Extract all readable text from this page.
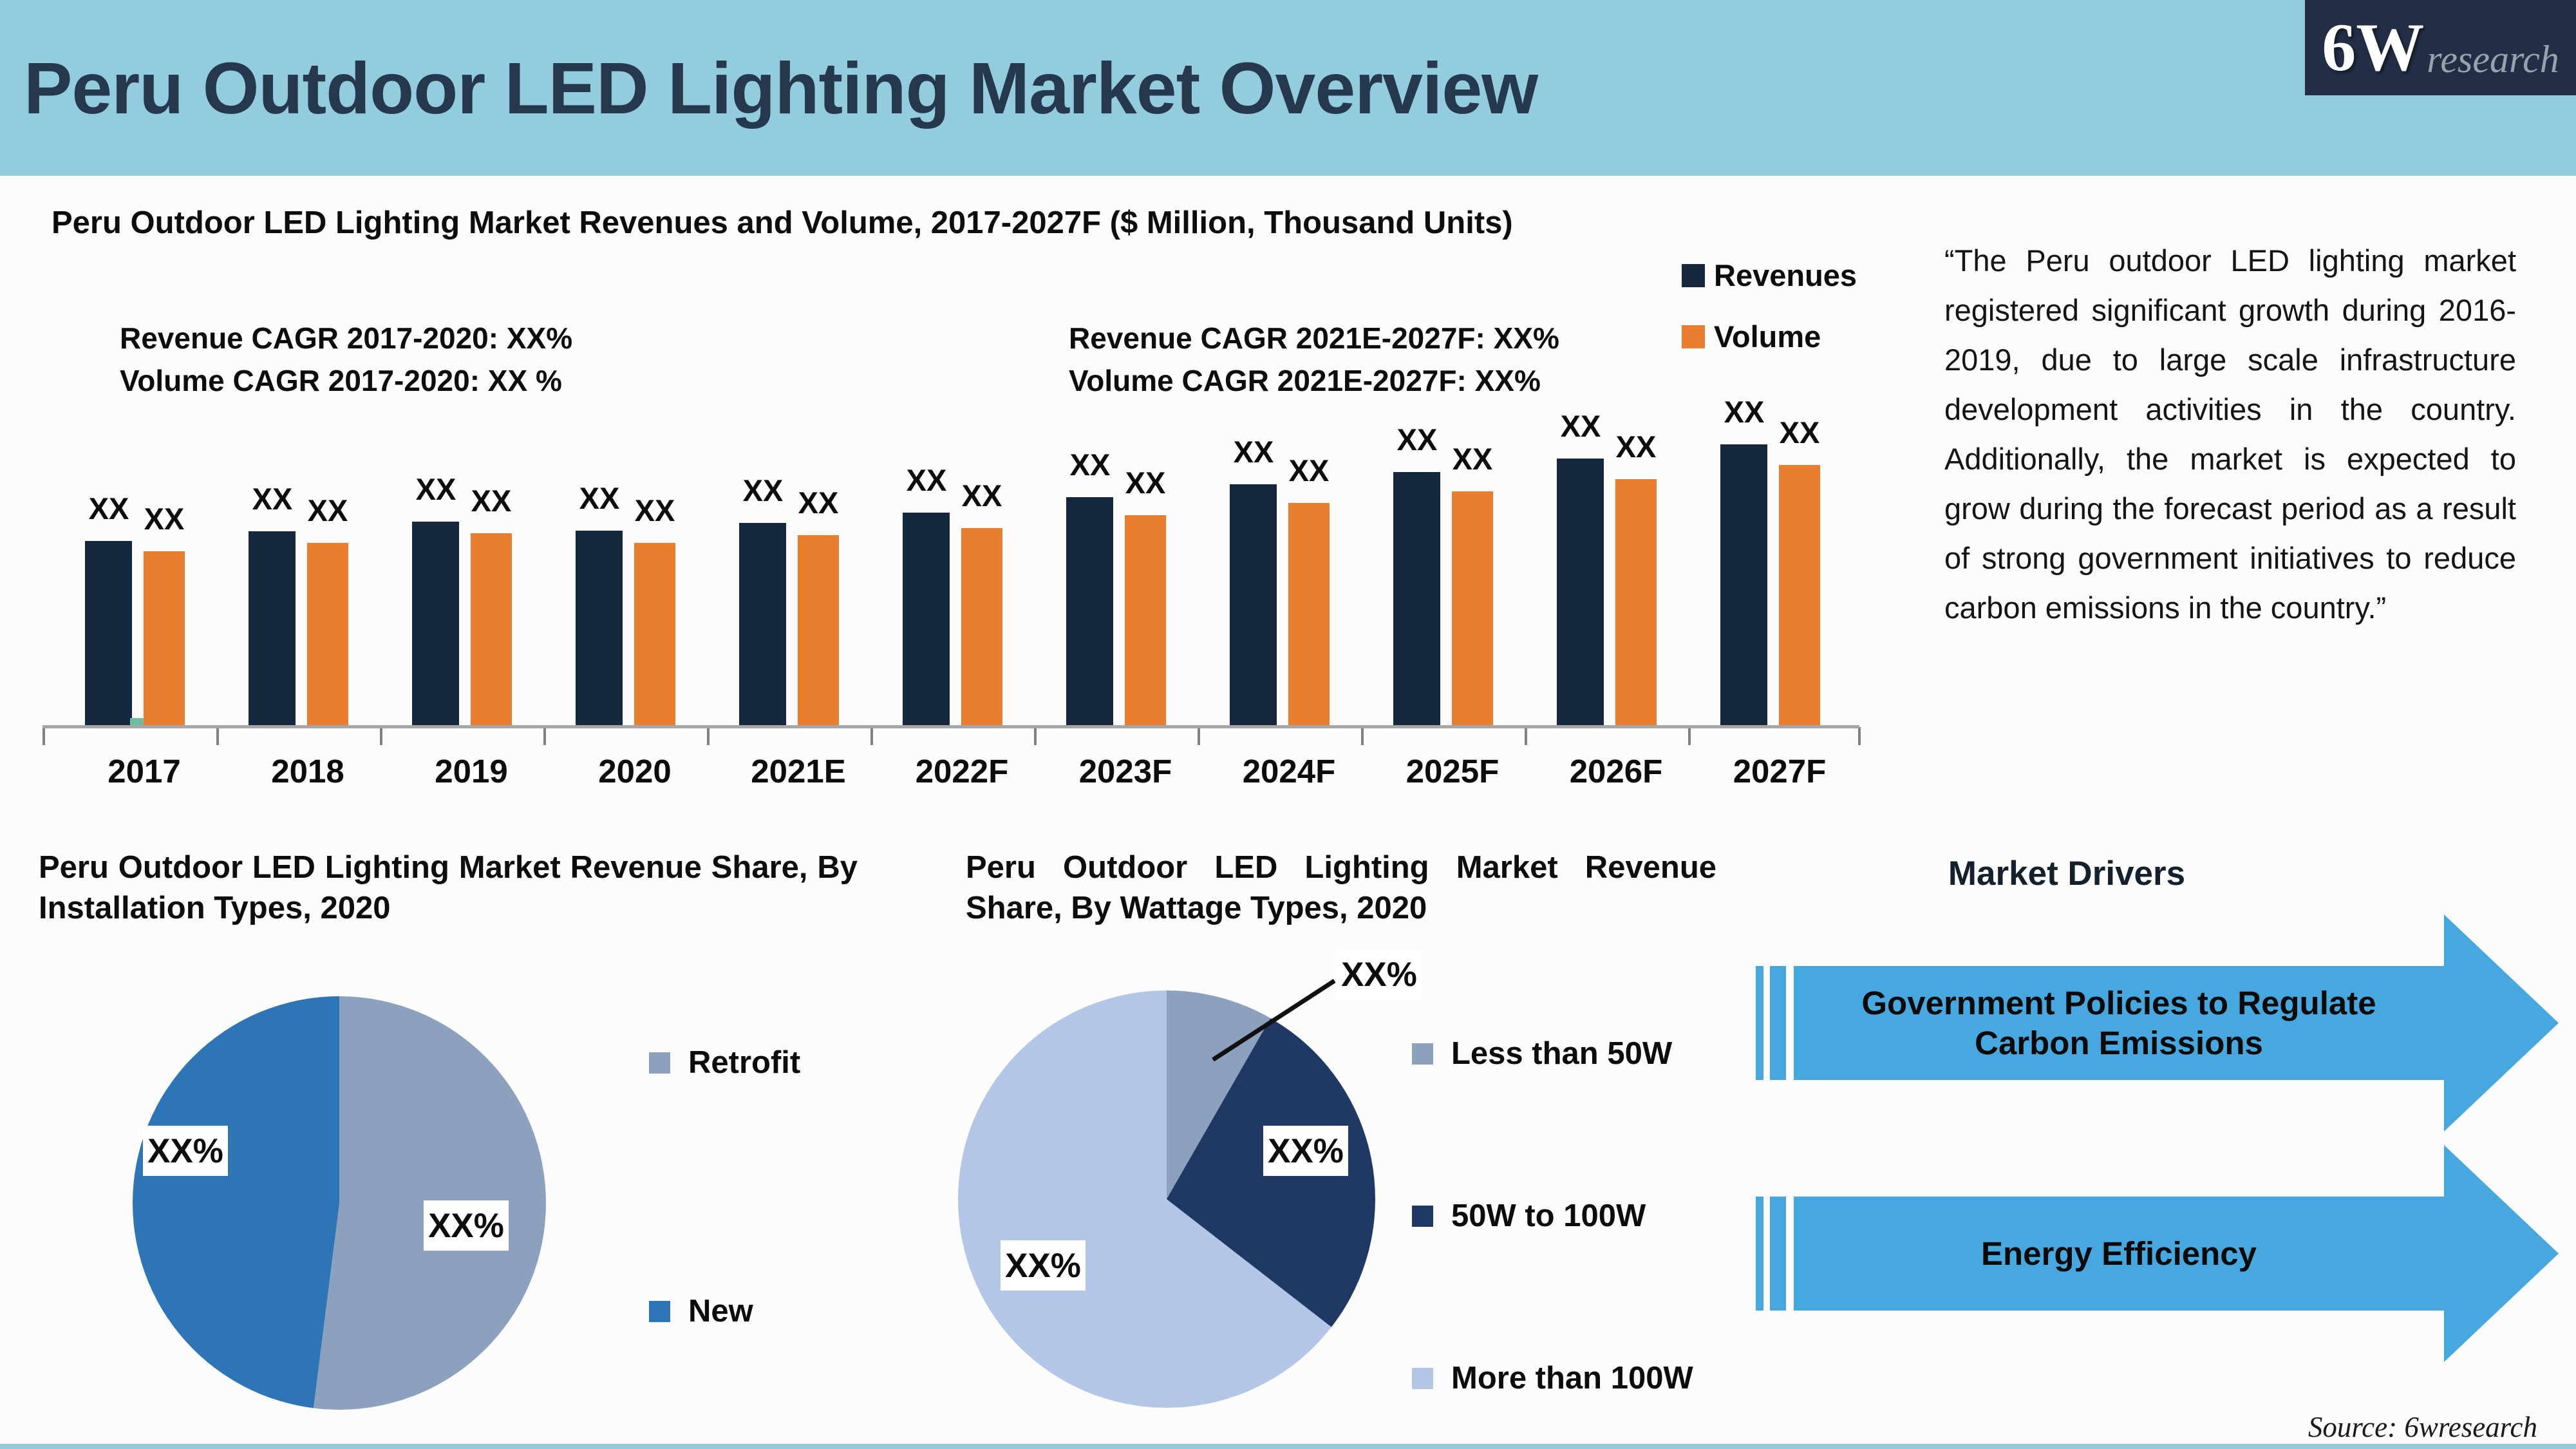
Peru Outdoor LED Lighting Market Overview	6W research
Peru Outdoor LED Lighting Market Revenues and Volume, 2017-2027F ($ Million, Thousand Units)
Revenue CAGR 2017-2020: XX%
Volume CAGR 2017-2020: XX %
Revenue CAGR 2021E-2027F: XX%
Volume CAGR 2021E-2027F: XX%
Revenues
Volume
XX XX
2017
XX XX
2018
XX XX
2019
XX XX
2020
XX XX
2021E
XX XX
2022F
XX
XX
2023F
XX
XX
2024F
XX
XX
2025F
XX
XX
2026F
XX
XX
2027F
“The Peru outdoor LED lighting market registered significant growth during 2016-2019, due to large scale infrastructure development activities in the country. Additionally, the market is expected to grow during the forecast period as a result of strong government initiatives to reduce carbon emissions in the country.”
Peru Outdoor LED Lighting Market Revenue Share, By Installation Types, 2020
Retrofit
New
Peru Outdoor LED Lighting Market Revenue Share, By Wattage Types, 2020
Less than 50W
50W to 100W
More than 100W
Market Drivers
Government Policies to Regulate Carbon Emissions
Energy Efficiency
Source: 6wresearch
XX%
XX%
XX%
XX%
XX%
